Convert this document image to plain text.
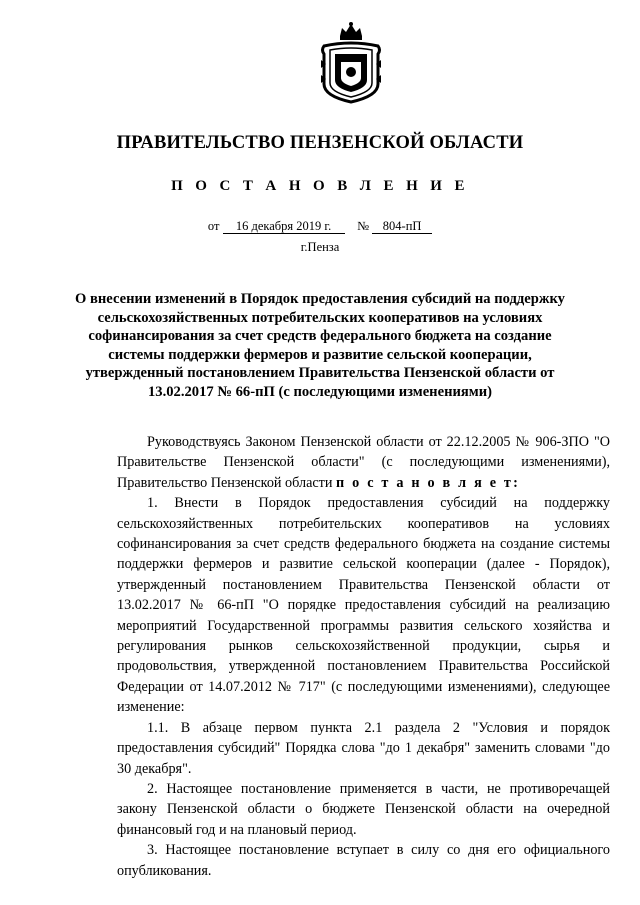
ПРАВИТЕЛЬСТВО ПЕНЗЕНСКОЙ ОБЛАСТИ
П О С Т А Н О В Л Е Н И Е
от 16 декабря 2019 г. № 804-пП
г.Пенза
О внесении изменений в Порядок предоставления субсидий на поддержку сельскохозяйственных потребительских кооперативов на условиях софинансирования за счет средств федерального бюджета на создание системы поддержки фермеров и развитие сельской кооперации, утвержденный постановлением Правительства Пензенской области от 13.02.2017 № 66-пП (с последующими изменениями)

Руководствуясь Законом Пензенской области от 22.12.2005 № 906-ЗПО "О Правительстве Пензенской области" (с последующими изменениями), Правительство Пензенской области п о с т а н о в л я е т:

1. Внести в Порядок предоставления субсидий на поддержку сельскохозяйственных потребительских кооперативов на условиях софинансирования за счет средств федерального бюджета на создание системы поддержки фермеров и развитие сельской кооперации (далее - Порядок), утвержденный постановлением Правительства Пензенской области от 13.02.2017 № 66-пП "О порядке предоставления субсидий на реализацию мероприятий Государственной программы развития сельского хозяйства и регулирования рынков сельскохозяйственной продукции, сырья и продовольствия, утвержденной постановлением Правительства Российской Федерации от 14.07.2012 № 717" (с последующими изменениями), следующее изменение:

1.1. В абзаце первом пункта 2.1 раздела 2 "Условия и порядок предоставления субсидий" Порядка слова "до 1 декабря" заменить словами "до 30 декабря".

2. Настоящее постановление применяется в части, не противоречащей закону Пензенской области о бюджете Пензенской области на очередной финансовый год и на плановый период.

3. Настоящее постановление вступает в силу со дня его официального опубликования.
